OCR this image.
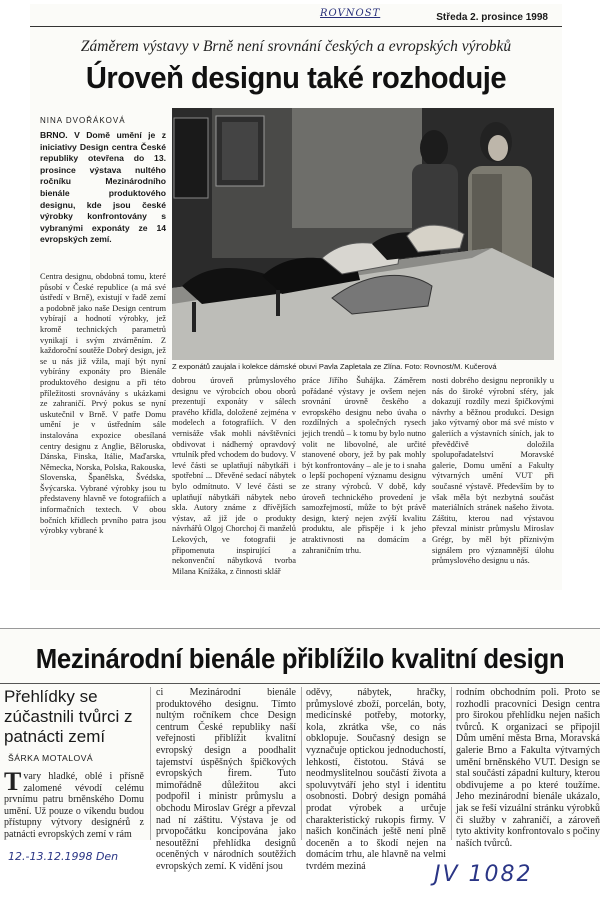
ROVNOST	Středa 2. prosince 1998
Záměrem výstavy v Brně není srovnání českých a evropských výrobků
Úroveň designu také rozhoduje
NINA DVOŘÁKOVÁ
BRNO. V Domě umění je z iniciativy Design centra České republiky otevřena do 13. prosince výstava nultého ročníku Mezinárodního bienále produktového designu, kde jsou české výrobky konfrontovány s vybranými exponáty ze 14 evropských zemí.
Centra designu, obdobná tomu, které působí v České republice (a má své ústředí v Brně), existují v řadě zemí a podobně jako naše Design centrum vybírají a hodnotí výrobky, jež kromě technických parametrů vynikají i svým ztvárněním. Z každoroční soutěže Dobrý design, jež se u nás již vžila, mají být nyní vybírány exponáty pro Bienále produktového designu a při této příležitosti srovnávány s ukázkami ze zahraničí. Prvý pokus se nyní uskutečnil v Brně. V patře Domu umění je v ústředním sále instalována expozice obesílaná centry designu z Anglie, Běloruska, Dánska, Finska, Itálie, Maďarska, Německa, Norska, Polska, Rakouska, Slovenska, Španělska, Švédska, Švýcarska. Vybrané výrobky jsou tu představeny hlavně ve fotografiích a informačních textech. V obou bočních křídlech prvního patra jsou výrobky vybrané k
Z exponátů zaujala i kolekce dámské obuvi Pavla Zapletala ze Zlína. Foto: Rovnost/M. Kučerová
dobrou úroveň průmyslového designu ve výrobcích obou oborů prezentují exponáty v sálech pravého křídla, doložené zejména v modelech a fotografiích. V den vernisáže však mohli návštěvníci obdivovat i nádherný opravdový vrtulník před vchodem do budovy. V levé části se uplatňují nábytkáři i spotřební ... Dřevěné sedací nábytek bylo odmítnuto. V levé části se uplatňují nábytkáři nábytek nebo skla. Autory známe z dřívějších výstav, až již jde o produkty návrhářů Olgoj Chorchoj či manželů Lekových, ve fotografii je připomenuta inspirující a nekonvenční nábytková tvorba Milana Knížáka, z činnosti sklář
práce Jiřího Šuhájka. Záměrem pořádané výstavy je ovšem nejen srovnání úrovně českého a evropského designu nebo úvaha o rozdílných a společných rysech jejich trendů – k tomu by bylo nutno volit ne libovolné, ale určité stanovené obory, jež by pak mohly být konfrontovány – ale je to i snaha o lepší pochopení významu designu ze strany výrobců. V době, kdy úroveň technického provedení je samozřejmostí, může to být právě design, který nejen zvýší kvalitu produktu, ale přispěje i k jeho atraktivnosti na domácím a zahraničním trhu.
nosti dobrého designu nepronikly u nás do široké výrobní sféry, jak dokazují rozdíly mezi špičkovými návrhy a běžnou produkcí. Design jako výtvarný obor má své místo v galeriích a výstavních síních, jak to převědčivě doložila spolupořadatelství Moravské galerie, Domu umění a Fakulty výtvarných umění VUT při současné výstavě. Především by to však měla být nezbytná součást materiálních stránek našeho života. Záštitu, kterou nad výstavou převzal ministr průmyslu Miroslav Grégr, by měl být příznivým signálem pro významnější úlohu průmyslového designu u nás.
Mezinárodní bienále přiblížilo kvalitní design
Přehlídky se zúčastnili tvůrci z patnácti zemí
ŠÁRKA MOTALOVÁ
Tvary hladké, oblé i přísně zalomené vévodí celému prvnímu patru brněnského Domu umění. Už pouze o víkendu budou přístupny výtvory designérů z patnácti evropských zemí v rám
ci Mezinárodní bienále produktového designu. Tímto nultým ročníkem chce Design centrum České republiky naší veřejnosti přiblížit kvalitní evropský design a poodhalit tajemství úspěšných špičkových evropských firem. Tuto mimořádně důležitou akci podpořil i ministr průmyslu a obchodu Miroslav Grégr a převzal nad ní záštitu. Výstava je od prvopočátku koncipována jako nesoutěžní přehlídka designů oceněných v národních soutěžích evropských zemí. K vidění jsou
oděvy, nábytek, hračky, průmyslové zboží, porcelán, boty, medicínské potřeby, motorky, kola, zkrátka vše, co nás obklopuje. Současný design se vyznačuje optickou jednoduchostí, lehkostí, čistotou. Stává se neodmyslitelnou součástí života a spoluvytváří jeho styl i identitu osobnosti. Dobrý design pomáhá prodat výrobek a určuje charakteristický rukopis firmy. V našich končinách ještě není plně doceněn a to škodí nejen na domácím trhu, ale hlavně na velmi tvrdém meziná
rodním obchodním poli. Proto se rozhodli pracovníci Design centra pro širokou přehlídku nejen našich tvůrců. K organizaci se připojil Dům umění města Brna, Moravská galerie Brno a Fakulta výtvarných umění brněnského VUT. Design se stal součástí západní kultury, kterou obdivujeme a po které toužíme. Jeho mezinárodní bienále ukázalo, jak se řeší vizuální stránku výrobků či služby v zahraničí, a zároveň tyto aktivity konfrontovalo s počiny naších tvůrců.
12.-13.12.1998 Den
JV 1082
